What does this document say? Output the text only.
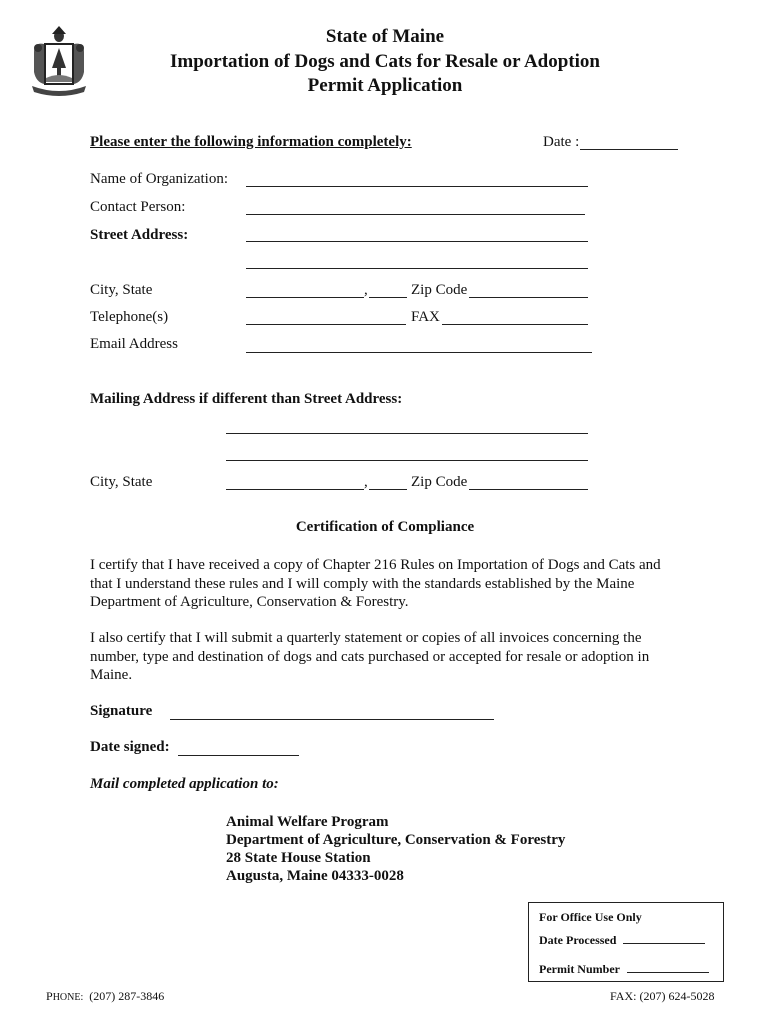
State of Maine
Importation of Dogs and Cats for Resale or Adoption
Permit Application
Please enter the following information completely:	Date :
Name of Organization:
Contact Person:
Street Address:
City, State	,	Zip Code
Telephone(s)	FAX
Email Address
Mailing Address if different than Street Address:
City, State	,	Zip Code
Certification of Compliance
I certify that I have received a copy of Chapter 216 Rules on Importation of Dogs and Cats and that I understand these rules and I will comply with the standards established by the Maine Department of Agriculture, Conservation & Forestry.
I also certify that I will submit a quarterly statement or copies of all invoices concerning the number, type and destination of dogs and cats purchased or accepted for resale or adoption in Maine.
Signature
Date signed:
Mail completed application to:
Animal Welfare Program
Department of Agriculture, Conservation & Forestry
28 State House Station
Augusta, Maine 04333-0028
For Office Use Only
Date Processed
Permit Number
PHONE: (207) 287-3846	FAX: (207) 624-5028
